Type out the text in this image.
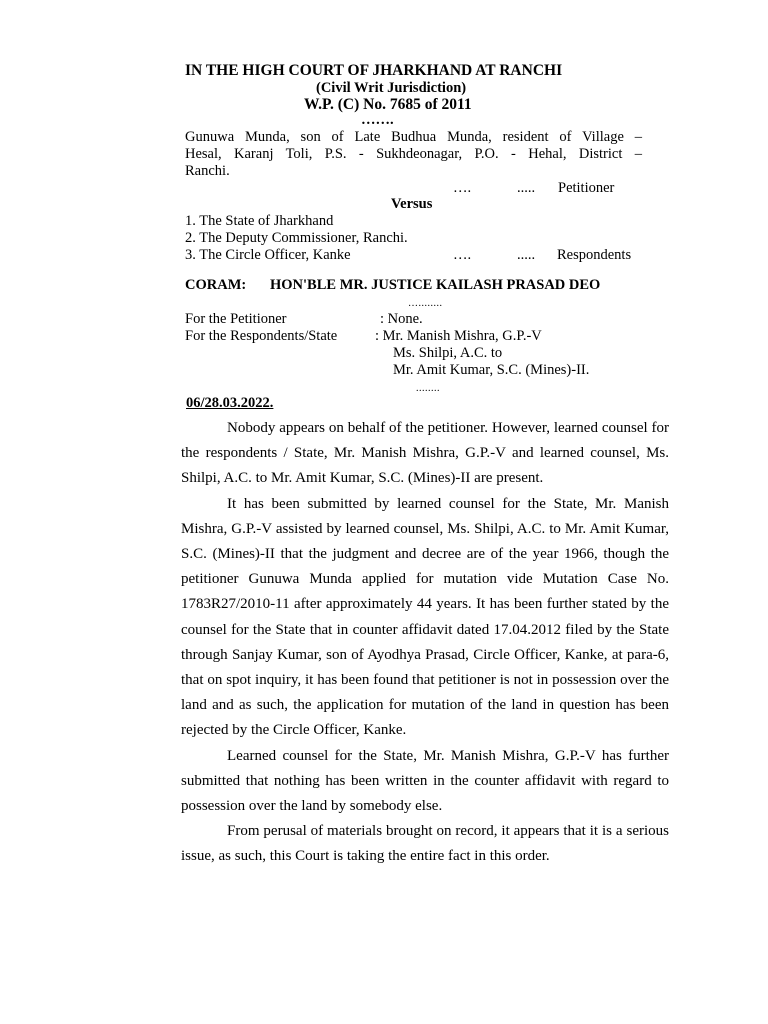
IN THE HIGH COURT OF JHARKHAND AT RANCHI
(Civil Writ Jurisdiction)
W.P. (C) No. 7685 of 2011
…….
Gunuwa Munda, son of Late Budhua Munda, resident of Village –
Hesal, Karanj Toli, P.S. - Sukhdeonagar, P.O. - Hehal, District –
Ranchi.
….	..... Petitioner
Versus
1. The State of Jharkhand
2. The Deputy Commissioner, Ranchi.
3. The Circle Officer, Kanke	….	..... Respondents
CORAM: HON'BLE MR. JUSTICE KAILASH PRASAD DEO
…........
For the Petitioner	: None.
For the Respondents/State	: Mr. Manish Mishra, G.P.-V
Ms. Shilpi, A.C. to
Mr. Amit Kumar, S.C. (Mines)-II.
........
06/28.03.2022.

Nobody appears on behalf of the petitioner. However, learned counsel for the respondents / State, Mr. Manish Mishra, G.P.-V and learned counsel, Ms. Shilpi, A.C. to Mr. Amit Kumar, S.C. (Mines)-II are present.

It has been submitted by learned counsel for the State, Mr. Manish Mishra, G.P.-V assisted by learned counsel, Ms. Shilpi, A.C. to Mr. Amit Kumar, S.C. (Mines)-II that the judgment and decree are of the year 1966, though the petitioner Gunuwa Munda applied for mutation vide Mutation Case No. 1783R27/2010-11 after approximately 44 years. It has been further stated by the counsel for the State that in counter affidavit dated 17.04.2012 filed by the State through Sanjay Kumar, son of Ayodhya Prasad, Circle Officer, Kanke, at para-6, that on spot inquiry, it has been found that petitioner is not in possession over the land and as such, the application for mutation of the land in question has been rejected by the Circle Officer, Kanke.

Learned counsel for the State, Mr. Manish Mishra, G.P.-V has further submitted that nothing has been written in the counter affidavit with regard to possession over the land by somebody else.

From perusal of materials brought on record, it appears that it is a serious issue, as such, this Court is taking the entire fact in this order.
